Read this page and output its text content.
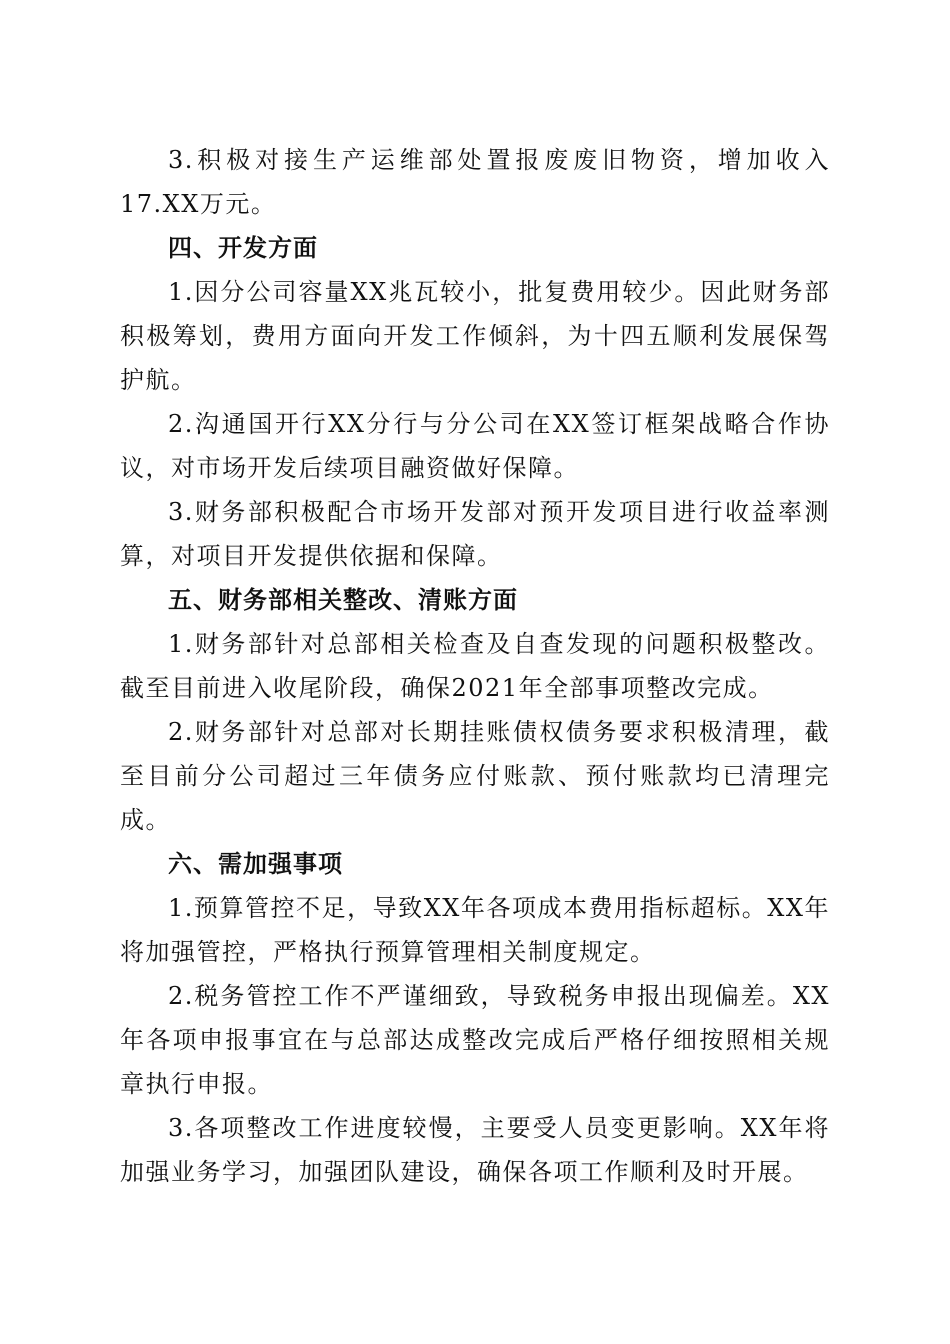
3.积极对接生产运维部处置报废废旧物资，增加收入17.XX万元。

四、开发方面

1.因分公司容量XX兆瓦较小，批复费用较少。因此财务部积极筹划，费用方面向开发工作倾斜，为十四五顺利发展保驾护航。

2.沟通国开行XX分行与分公司在XX签订框架战略合作协议，对市场开发后续项目融资做好保障。

3.财务部积极配合市场开发部对预开发项目进行收益率测算，对项目开发提供依据和保障。

五、财务部相关整改、清账方面

1.财务部针对总部相关检查及自查发现的问题积极整改。截至目前进入收尾阶段，确保2021年全部事项整改完成。

2.财务部针对总部对长期挂账债权债务要求积极清理，截至目前分公司超过三年债务应付账款、预付账款均已清理完成。

六、需加强事项

1.预算管控不足，导致XX年各项成本费用指标超标。XX年将加强管控，严格执行预算管理相关制度规定。

2.税务管控工作不严谨细致，导致税务申报出现偏差。XX年各项申报事宜在与总部达成整改完成后严格仔细按照相关规章执行申报。

3.各项整改工作进度较慢，主要受人员变更影响。XX年将加强业务学习，加强团队建设，确保各项工作顺利及时开展。
